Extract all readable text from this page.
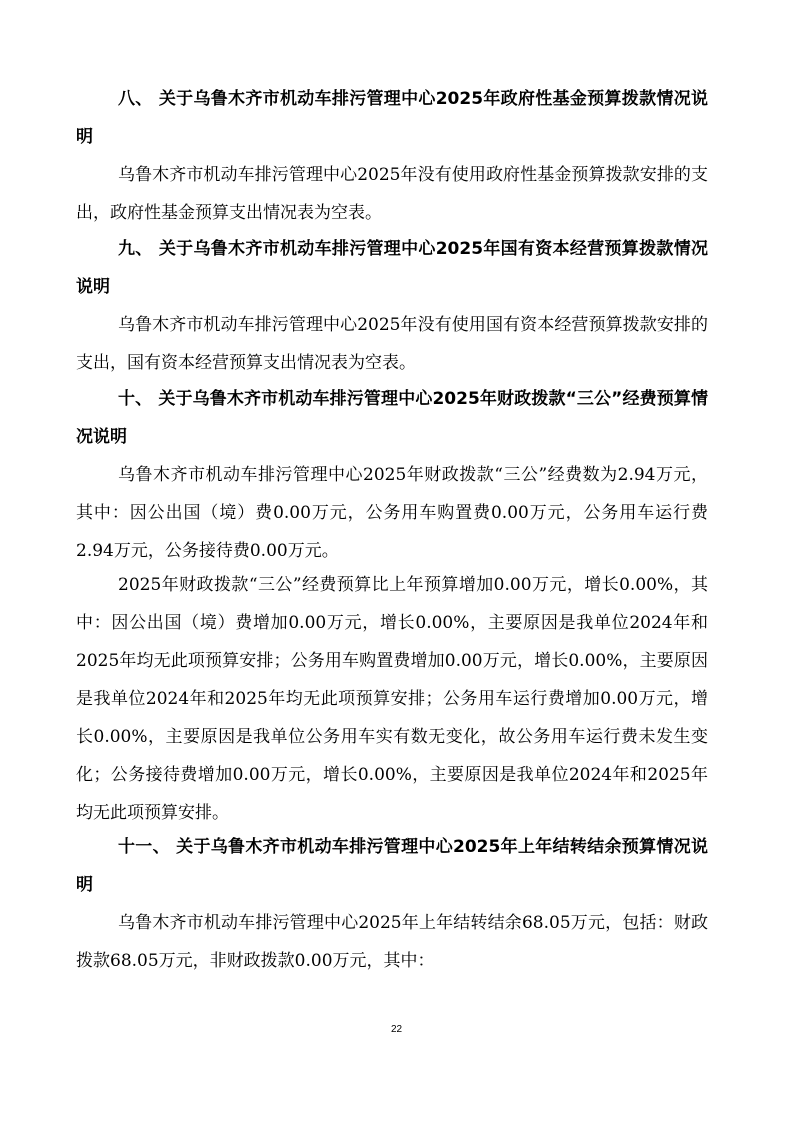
八、 关于乌鲁木齐市机动车排污管理中心2025年政府性基金预算拨款情况说明

乌鲁木齐市机动车排污管理中心2025年没有使用政府性基金预算拨款安排的支出，政府性基金预算支出情况表为空表。

九、 关于乌鲁木齐市机动车排污管理中心2025年国有资本经营预算拨款情况说明

乌鲁木齐市机动车排污管理中心2025年没有使用国有资本经营预算拨款安排的支出，国有资本经营预算支出情况表为空表。

十、 关于乌鲁木齐市机动车排污管理中心2025年财政拨款“三公”经费预算情况说明

乌鲁木齐市机动车排污管理中心2025年财政拨款“三公”经费数为2.94万元，其中：因公出国（境）费0.00万元，公务用车购置费0.00万元，公务用车运行费2.94万元，公务接待费0.00万元。

2025年财政拨款“三公”经费预算比上年预算增加0.00万元，增长0.00%，其中：因公出国（境）费增加0.00万元，增长0.00%，主要原因是我单位2024年和2025年均无此项预算安排；公务用车购置费增加0.00万元，增长0.00%，主要原因是我单位2024年和2025年均无此项预算安排；公务用车运行费增加0.00万元，增长0.00%，主要原因是我单位公务用车实有数无变化，故公务用车运行费未发生变化；公务接待费增加0.00万元，增长0.00%，主要原因是我单位2024年和2025年均无此项预算安排。

十一、 关于乌鲁木齐市机动车排污管理中心2025年上年结转结余预算情况说明

乌鲁木齐市机动车排污管理中心2025年上年结转结余68.05万元，包括：财政拨款68.05万元，非财政拨款0.00万元，其中：

22
